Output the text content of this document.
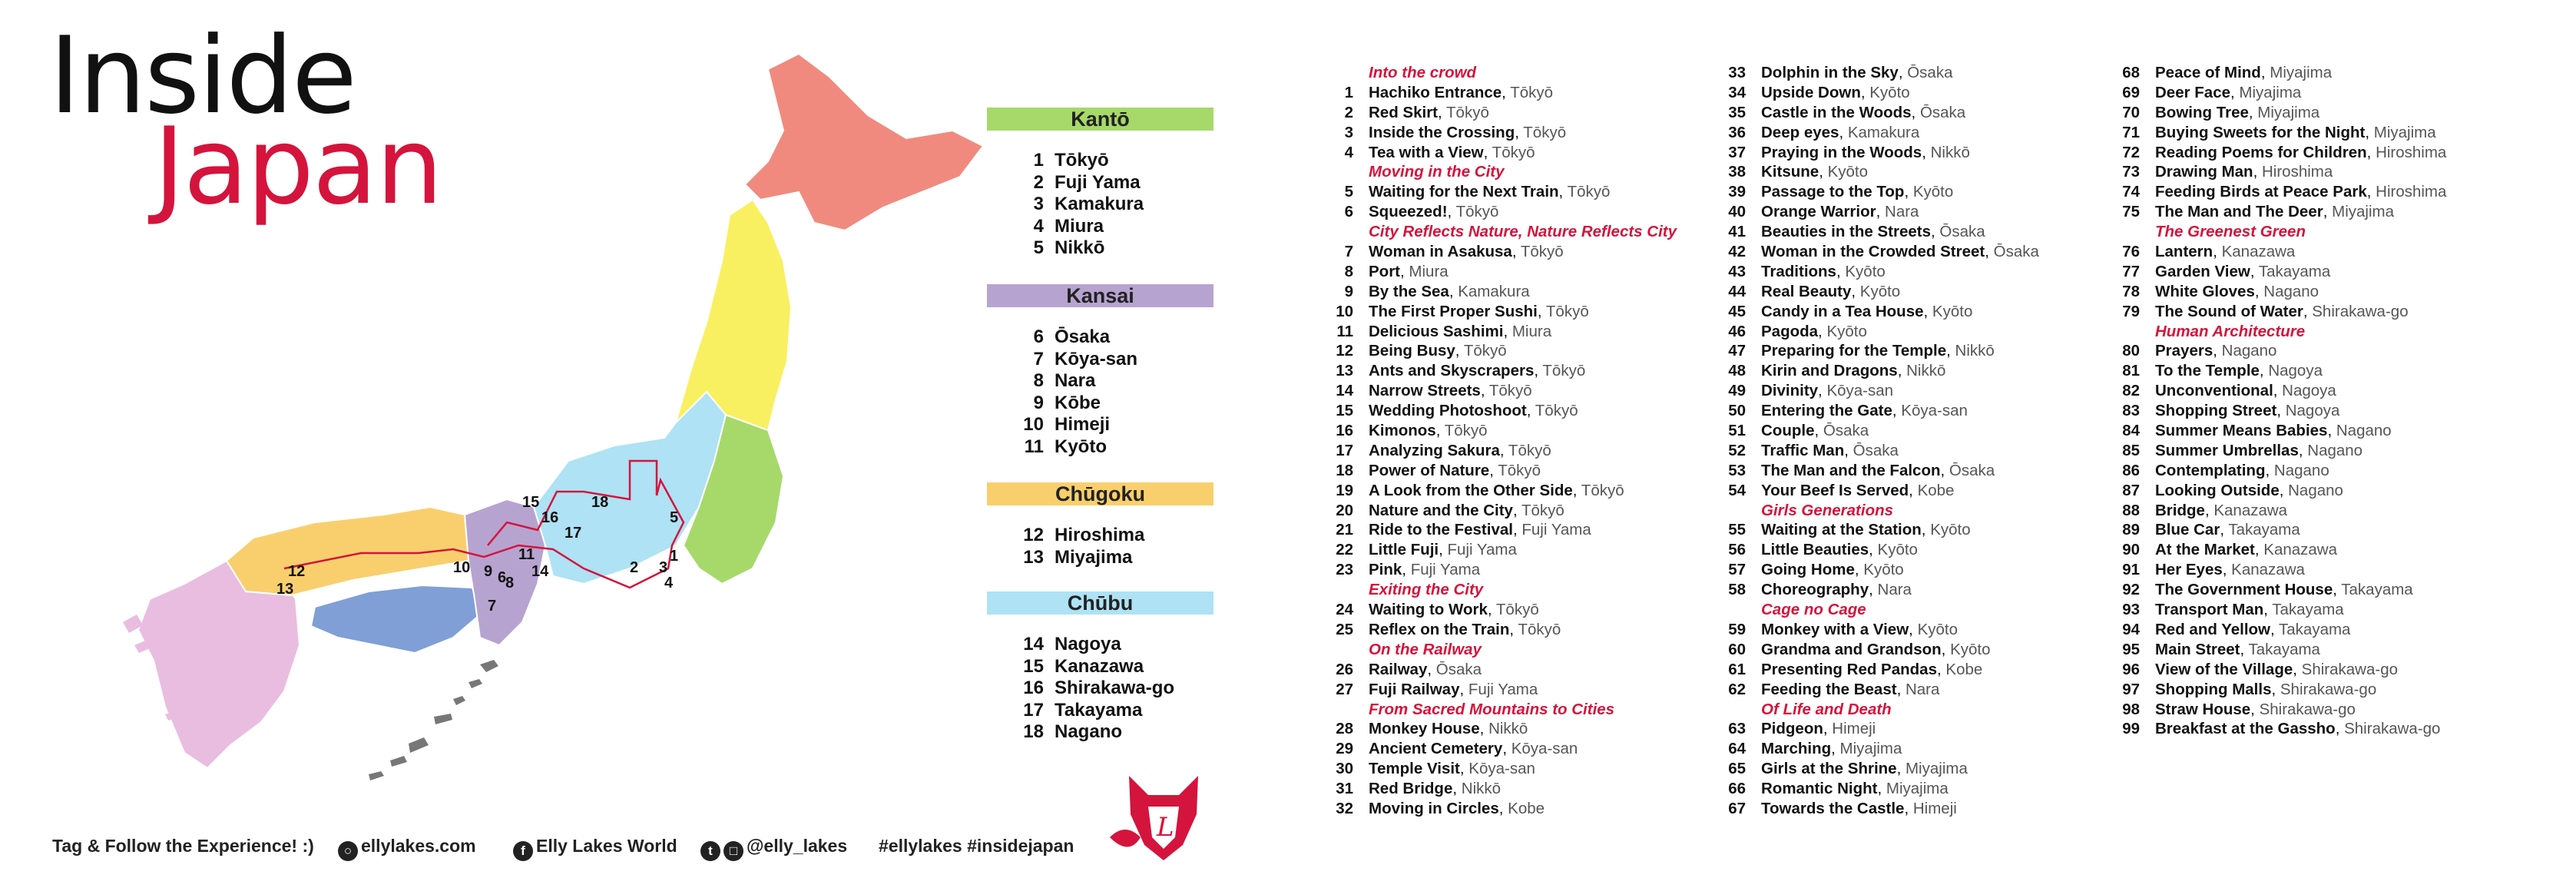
Inside
Japan
1
2 3
4
5
6
7
8
9
10
11
12
13
14
15
16
17
18
Kantō
1 Tōkyō
2 Fuji Yama
3 Kamakura
4 Miura
5 Nikkō
Kansai
6 Ōsaka
7 Kōya-san
8 Nara
9 Kōbe
10 Himeji
11 Kyōto
Chūgoku
12 Hiroshima
13 Miyajima
Chūbu
14 Nagoya
15 Kanazawa
16 Shirakawa-go
17 Takayama
18 Nagano
Into the crowd
1 Hachiko Entrance, Tōkyō
2 Red Skirt, Tōkyō
3 Inside the Crossing, Tōkyō
4 Tea with a View, Tōkyō
Moving in the City
5 Waiting for the Next Train, Tōkyō
6 Squeezed!, Tōkyō
City Reflects Nature, Nature Reflects City
7 Woman in Asakusa, Tōkyō
8 Port, Miura
9 By the Sea, Kamakura
10 The First Proper Sushi, Tōkyō
11 Delicious Sashimi, Miura
12 Being Busy, Tōkyō
13 Ants and Skyscrapers, Tōkyō
14 Narrow Streets, Tōkyō
15 Wedding Photoshoot, Tōkyō
16 Kimonos, Tōkyō
17 Analyzing Sakura, Tōkyō
18 Power of Nature, Tōkyō
19 A Look from the Other Side, Tōkyō
20 Nature and the City, Tōkyō
21 Ride to the Festival, Fuji Yama
22 Little Fuji, Fuji Yama
23 Pink, Fuji Yama
Exiting the City
24 Waiting to Work, Tōkyō
25 Reflex on the Train, Tōkyō
On the Railway
26 Railway, Ōsaka
27 Fuji Railway, Fuji Yama
From Sacred Mountains to Cities
28 Monkey House, Nikkō
29 Ancient Cemetery, Kōya-san
30 Temple Visit, Kōya-san
31 Red Bridge, Nikkō
32 Moving in Circles, Kobe
33 Dolphin in the Sky, Ōsaka
34 Upside Down, Kyōto
35 Castle in the Woods, Ōsaka
36 Deep eyes, Kamakura
37 Praying in the Woods, Nikkō
38 Kitsune, Kyōto
39 Passage to the Top, Kyōto
40 Orange Warrior, Nara
41 Beauties in the Streets, Ōsaka
42 Woman in the Crowded Street, Ōsaka
43 Traditions, Kyōto
44 Real Beauty, Kyōto
45 Candy in a Tea House, Kyōto
46 Pagoda, Kyōto
47 Preparing for the Temple, Nikkō
48 Kirin and Dragons, Nikkō
49 Divinity, Kōya-san
50 Entering the Gate, Kōya-san
51 Couple, Ōsaka
52 Traffic Man, Ōsaka
53 The Man and the Falcon, Ōsaka
54 Your Beef Is Served, Kobe
Girls Generations
55 Waiting at the Station, Kyōto
56 Little Beauties, Kyōto
57 Going Home, Kyōto
58 Choreography, Nara
Cage no Cage
59 Monkey with a View, Kyōto
60 Grandma and Grandson, Kyōto
61 Presenting Red Pandas, Kobe
62 Feeding the Beast, Nara
Of Life and Death
63 Pidgeon, Himeji
64 Marching, Miyajima
65 Girls at the Shrine, Miyajima
66 Romantic Night, Miyajima
67 Towards the Castle, Himeji
68 Peace of Mind, Miyajima
69 Deer Face, Miyajima
70 Bowing Tree, Miyajima
71 Buying Sweets for the Night, Miyajima
72 Reading Poems for Children, Hiroshima
73 Drawing Man, Hiroshima
74 Feeding Birds at Peace Park, Hiroshima
75 The Man and The Deer, Miyajima
The Greenest Green
76 Lantern, Kanazawa
77 Garden View, Takayama
78 White Gloves, Nagano
79 The Sound of Water, Shirakawa-go
Human Architecture
80 Prayers, Nagano
81 To the Temple, Nagoya
82 Unconventional, Nagoya
83 Shopping Street, Nagoya
84 Summer Means Babies, Nagano
85 Summer Umbrellas, Nagano
86 Contemplating, Nagano
87 Looking Outside, Nagano
88 Bridge, Kanazawa
89 Blue Car, Takayama
90 At the Market, Kanazawa
91 Her Eyes, Kanazawa
92 The Government House, Takayama
93 Transport Man, Takayama
94 Red and Yellow, Takayama
95 Main Street, Takayama
96 View of the Village, Shirakawa-go
97 Shopping Malls, Shirakawa-go
98 Straw House, Shirakawa-go
99 Breakfast at the Gassho, Shirakawa-go
Tag & Follow the Experience! :)	○ ellylakes.com	f Elly Lakes World	t □ @elly_lakes #ellylakes #insidejapan
L
